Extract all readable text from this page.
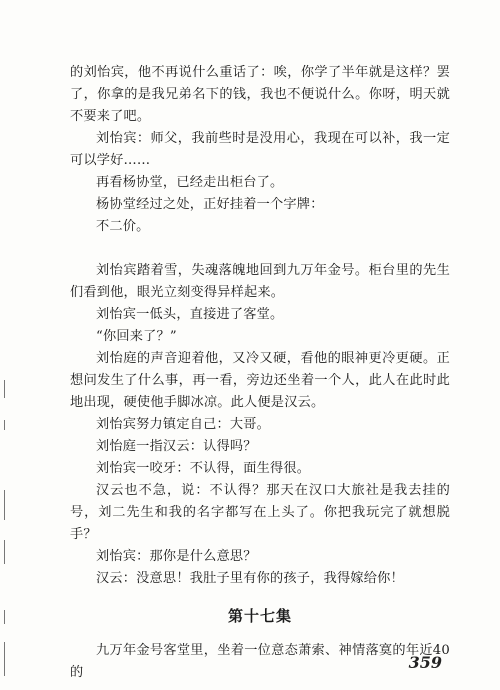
的刘怡宾，他不再说什么重话了：唉，你学了半年就是这样？罢了，你拿的是我兄弟名下的钱，我也不便说什么。你呀，明天就不要来了吧。

刘怡宾：师父，我前些时是没用心，我现在可以补，我一定可以学好……

再看杨协堂，已经走出柜台了。

杨协堂经过之处，正好挂着一个字牌：

不二价。

刘怡宾踏着雪，失魂落魄地回到九万年金号。柜台里的先生们看到他，眼光立刻变得异样起来。

刘怡宾一低头，直接进了客堂。

“你回来了？”

刘怡庭的声音迎着他，又冷又硬，看他的眼神更冷更硬。正想问发生了什么事，再一看，旁边还坐着一个人，此人在此时此地出现，硬使他手脚冰凉。此人便是汉云。

刘怡宾努力镇定自己：大哥。

刘怡庭一指汉云：认得吗？

刘怡宾一咬牙：不认得，面生得很。

汉云也不急，说：不认得？那天在汉口大旅社是我去挂的号，刘二先生和我的名字都写在上头了。你把我玩完了就想脱手？

刘怡宾：那你是什么意思？

汉云：没意思！我肚子里有你的孩子，我得嫁给你！

第十七集

九万年金号客堂里，坐着一位意态萧索、神情落寞的年近40的

359
